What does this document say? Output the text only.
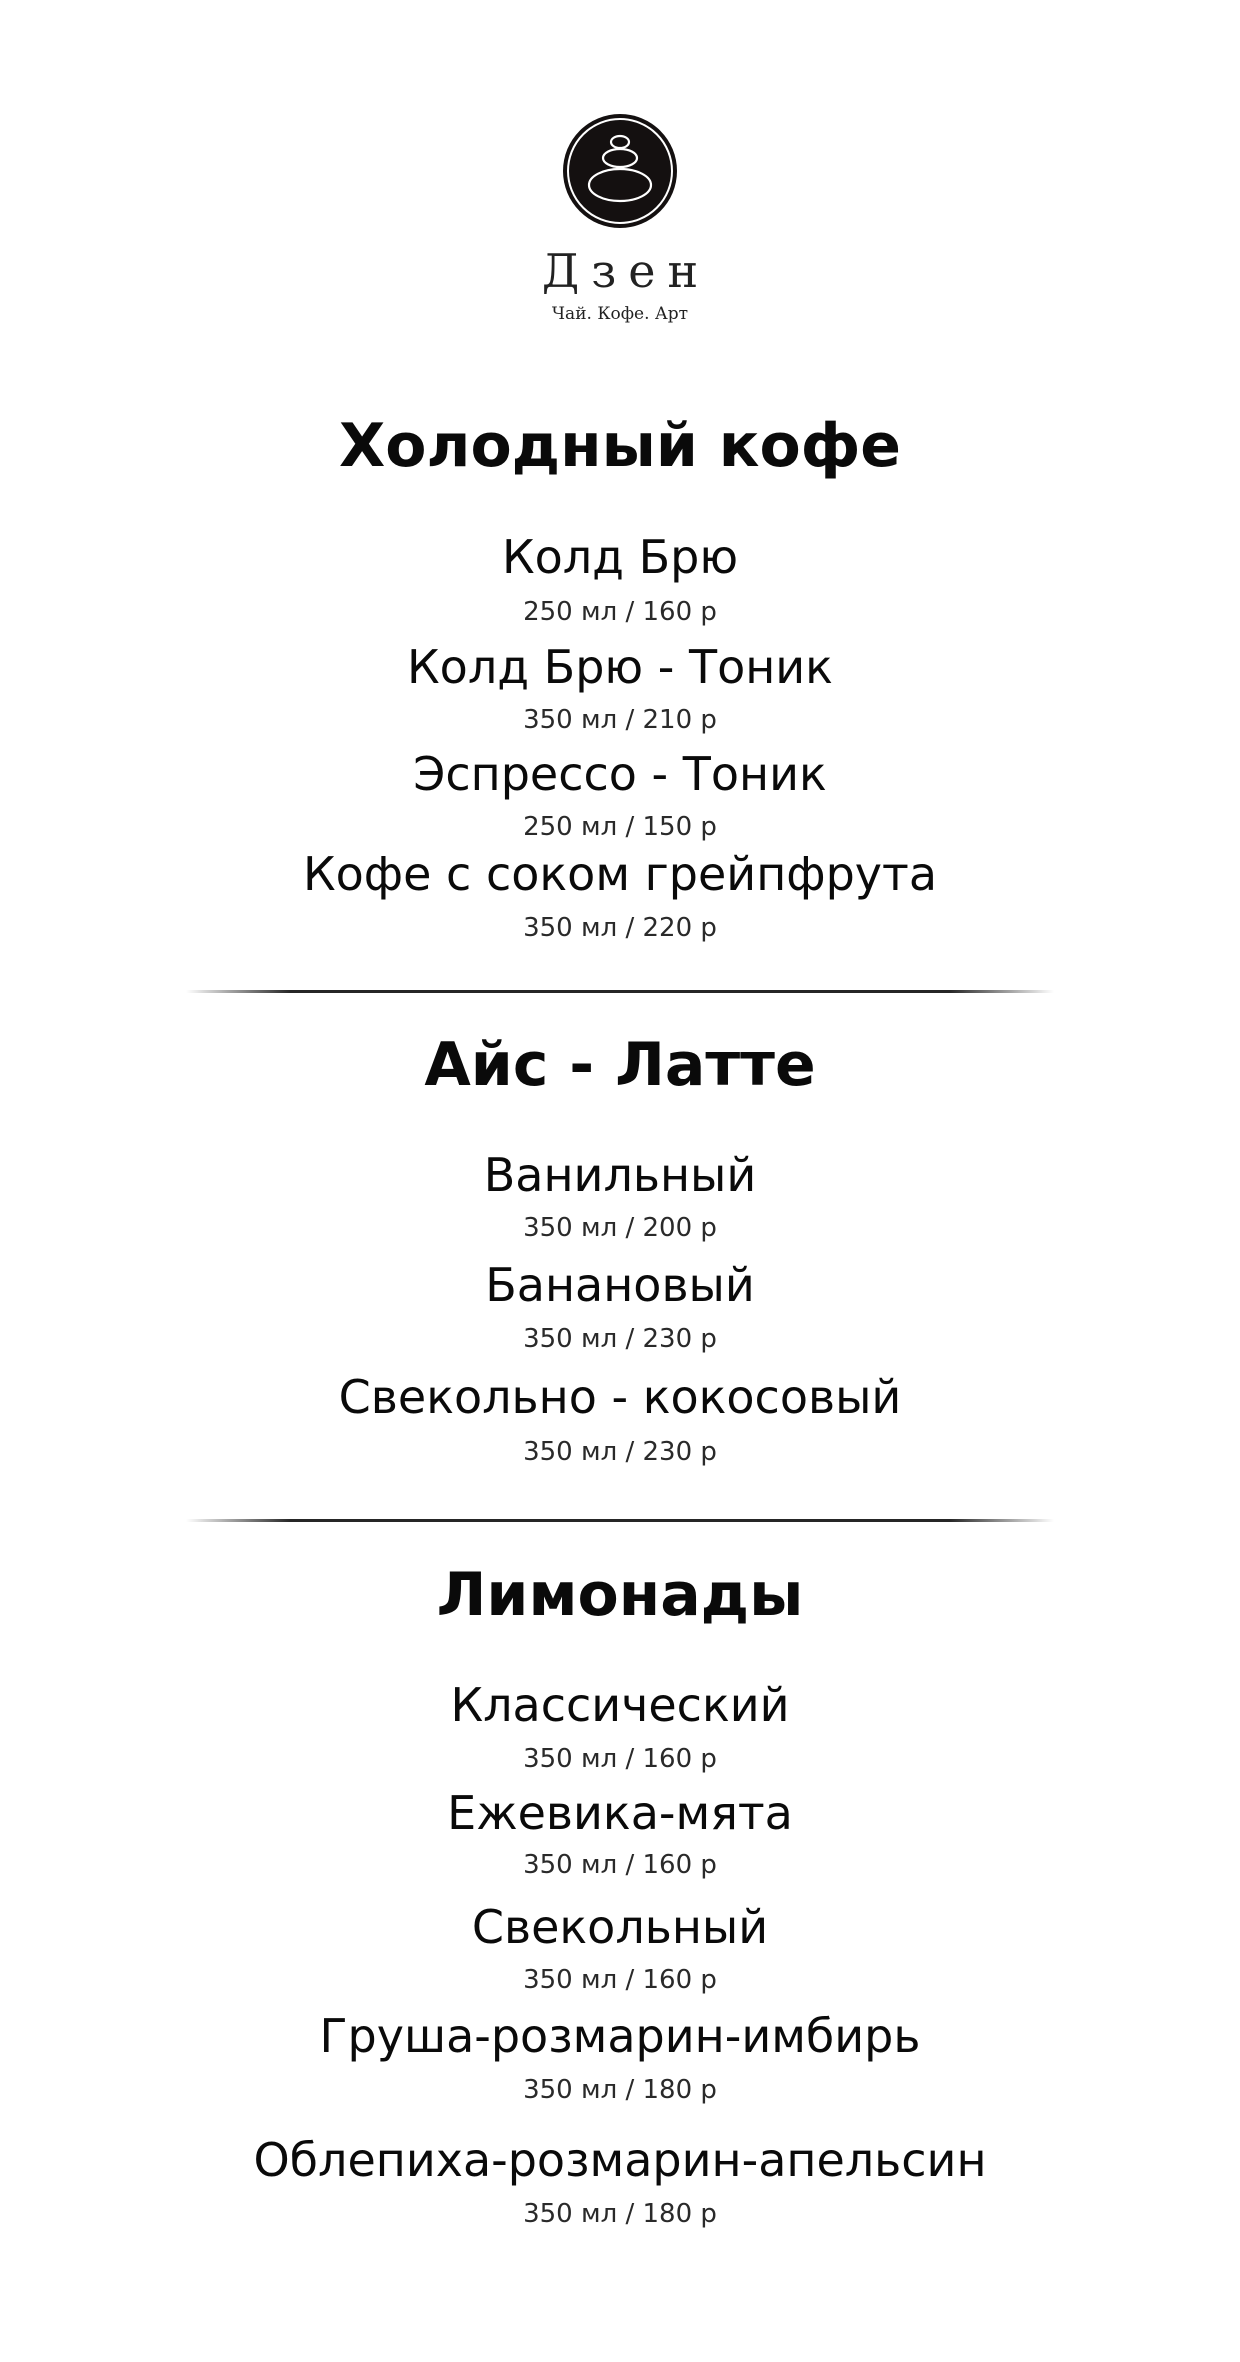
Дзен
Чай. Кофе. Арт
Холодный кофе
Колд Брю
250 мл / 160 р
Колд Брю - Тоник
350 мл / 210 р
Эспрессо - Тоник
250 мл / 150 р
Кофе с соком грейпфрута
350 мл / 220 р
Айс - Латте
Ванильный
350 мл / 200 р
Банановый
350 мл / 230 р
Свекольно - кокосовый
350 мл / 230 р
Лимонады
Классический
350 мл / 160 р
Ежевика-мята
350 мл / 160 р
Свекольный
350 мл / 160 р
Груша-розмарин-имбирь
350 мл / 180 р
Облепиха-розмарин-апельсин
350 мл / 180 р
